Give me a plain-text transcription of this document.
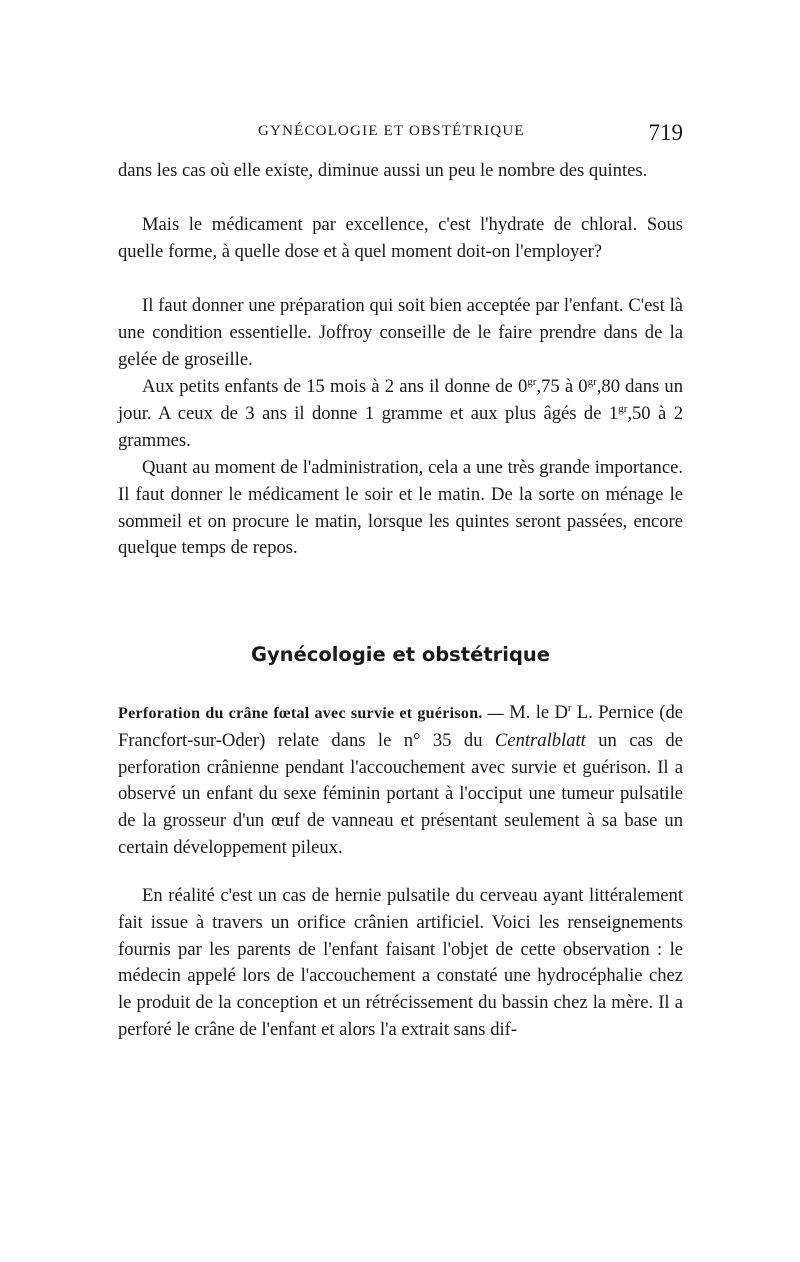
GYNÉCOLOGIE ET OBSTÉTRIQUE	719

dans les cas où elle existe, diminue aussi un peu le nombre des quintes.

Mais le médicament par excellence, c'est l'hydrate de chloral. Sous quelle forme, à quelle dose et à quel moment doit-on l'employer?

Il faut donner une préparation qui soit bien acceptée par l'enfant. C'est là une condition essentielle. Joffroy conseille de le faire prendre dans de la gelée de groseille.

Aux petits enfants de 15 mois à 2 ans il donne de $0^{gr},75$ à $0^{gr},80$ dans un jour. A ceux de 3 ans il donne 1 gramme et aux plus âgés de $1^{gr},50$ à 2 grammes.

Quant au moment de l'administration, cela a une très grande importance. Il faut donner le médicament le soir et le matin. De la sorte on ménage le sommeil et on procure le matin, lorsque les quintes seront passées, encore quelque temps de repos.

Gynécologie et obstétrique

Perforation du crâne fœtal avec survie et guérison. — M. le $D^r$ L. Pernice (de Francfort-sur-Oder) relate dans le n° 35 du Centralblatt un cas de perforation crânienne pendant l'accouchement avec survie et guérison. Il a observé un enfant du sexe féminin portant à l'occiput une tumeur pulsatile de la grosseur d'un œuf de vanneau et présentant seulement à sa base un certain développement pileux.

En réalité c'est un cas de hernie pulsatile du cerveau ayant littéralement fait issue à travers un orifice crânien artificiel. Voici les renseignements fournis par les parents de l'enfant faisant l'objet de cette observation : le médecin appelé lors de l'accouchement a constaté une hydrocéphalie chez le produit de la conception et un rétrécissement du bassin chez la mère. Il a perforé le crâne de l'enfant et alors l'a extrait sans dif-
